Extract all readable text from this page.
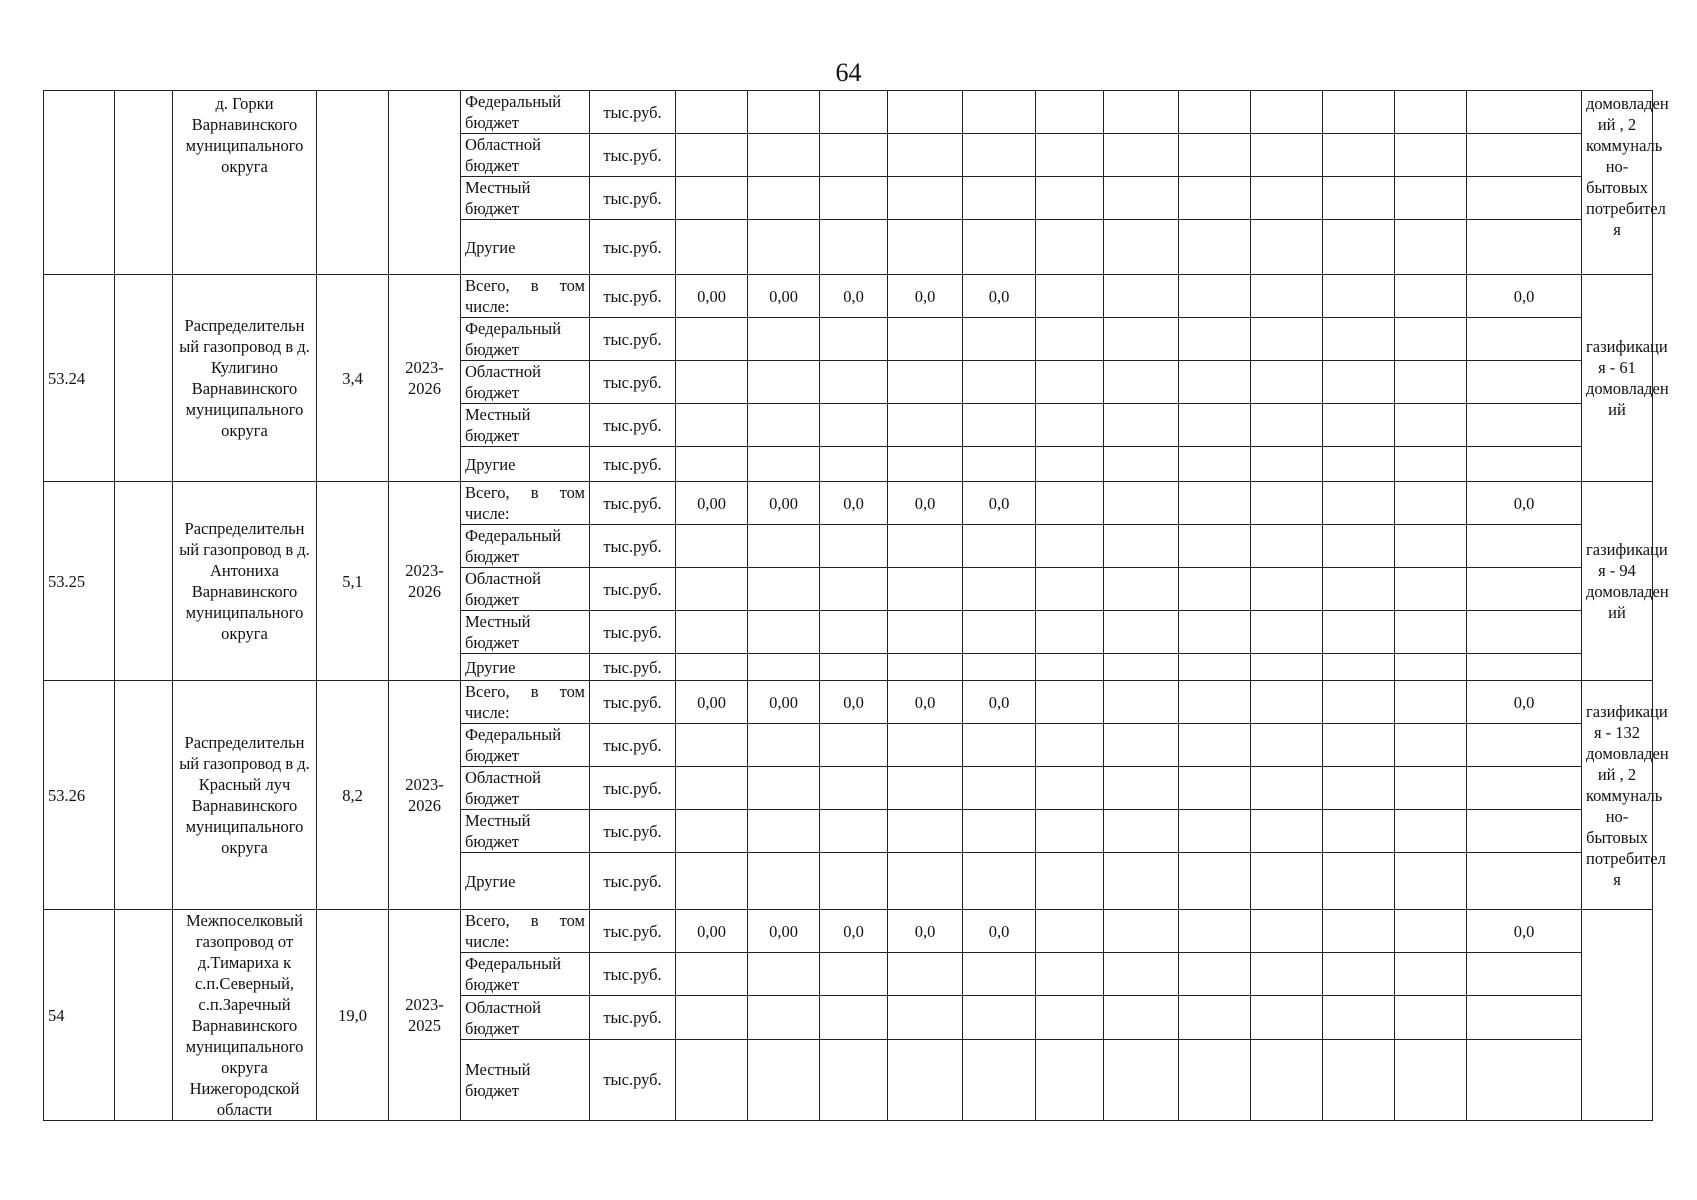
64
		д. Горки Варнавинского муниципального округа			Федеральный бюджет	тыс.руб.													домовладен ий , 2 коммуналь но- бытовых потребител я
					Областной бюджет	тыс.руб.													
					Местный бюджет	тыс.руб.													
					Другие	тыс.руб.													
53.24		Распределительн ый газопровод в д. Кулигино Варнавинского муниципального округа	3,4	2023-2026	Всего, в том числе:	тыс.руб.	0,00	0,00	0,0	0,0	0,0							0,0	газификаци я - 61 домовладен ий
					Федеральный бюджет	тыс.руб.													
					Областной бюджет	тыс.руб.													
					Местный бюджет	тыс.руб.													
					Другие	тыс.руб.													
53.25		Распределительн ый газопровод в д. Антониха Варнавинского муниципального округа	5,1	2023-2026	Всего, в том числе:	тыс.руб.	0,00	0,00	0,0	0,0	0,0							0,0	газификаци я - 94 домовладен ий
					Федеральный бюджет	тыс.руб.													
					Областной бюджет	тыс.руб.													
					Местный бюджет	тыс.руб.													
					Другие	тыс.руб.													
53.26		Распределительн ый газопровод в д. Красный луч Варнавинского муниципального округа	8,2	2023-2026	Всего, в том числе:	тыс.руб.	0,00	0,00	0,0	0,0	0,0							0,0	газификаци я - 132 домовладен ий , 2 коммуналь но- бытовых потребител я
					Федеральный бюджет	тыс.руб.													
					Областной бюджет	тыс.руб.													
					Местный бюджет	тыс.руб.													
					Другие	тыс.руб.													
54		Межпоселковый газопровод от д.Тимариха к с.п.Северный, с.п.Заречный Варнавинского муниципального округа Нижегородской области	19,0	2023-2025	Всего, в том числе:	тыс.руб.	0,00	0,00	0,0	0,0	0,0							0,0	
					Федеральный бюджет	тыс.руб.													
					Областной бюджет	тыс.руб.													
					Местный бюджет	тыс.руб.													
